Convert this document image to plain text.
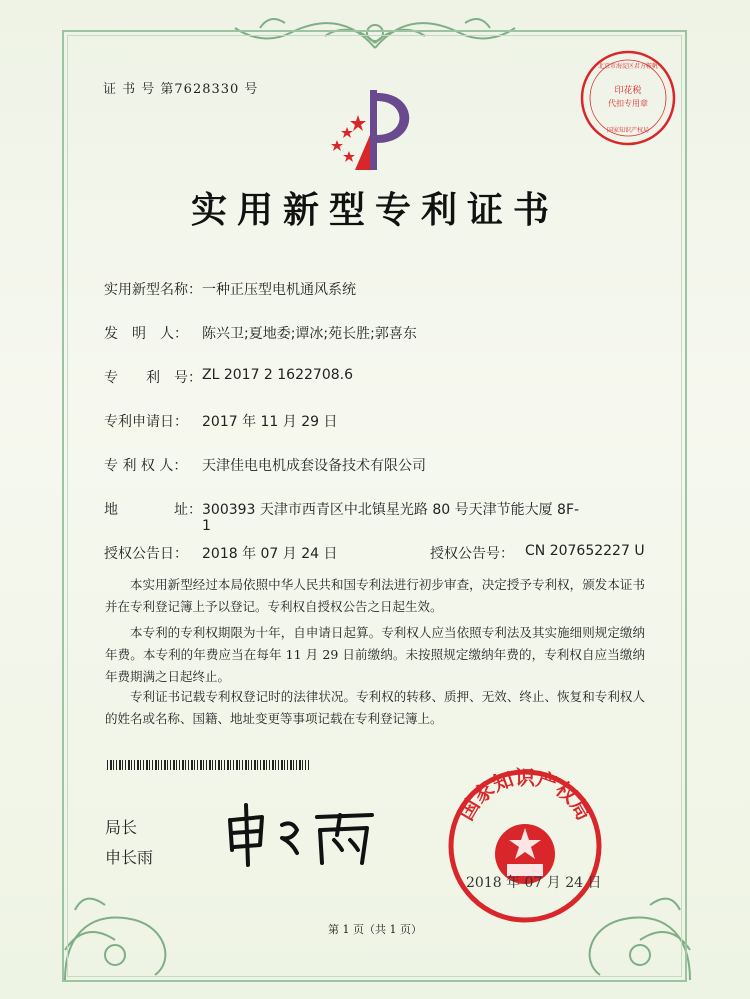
证 书 号 第7628330 号	印花税
代扣专用章
北京市海淀区君方鞍帆
国家知识产权局
实用新型专利证书
实用新型名称： 一种正压型电机通风系统
发　明　人： 陈兴卫;夏地委;谭冰;苑长胜;郭喜东
专　　利　号： ZL 2017 2 1622708.6
专利申请日： 2017 年 11 月 29 日
专 利 权 人： 天津佳电电机成套设备技术有限公司
地　　　　址： 300393 天津市西青区中北镇星光路 80 号天津节能大厦 8F-
1
授权公告日： 2018 年 07 月 24 日	授权公告号： CN 207652227 U
本实用新型经过本局依照中华人民共和国专利法进行初步审查，决定授予专利权，颁发本证书并在专利登记簿上予以登记。专利权自授权公告之日起生效。
本专利的专利权期限为十年，自申请日起算。专利权人应当依照专利法及其实施细则规定缴纳年费。本专利的年费应当在每年 11 月 29 日前缴纳。未按照规定缴纳年费的，专利权自应当缴纳年费期满之日起终止。
专利证书记载专利权登记时的法律状况。专利权的转移、质押、无效、终止、恢复和专利权人的姓名或名称、国籍、地址变更等事项记载在专利登记簿上。
局长
申长雨
国家知识产权局
2018 年 07 月 24 日
第 1 页（共 1 页）
